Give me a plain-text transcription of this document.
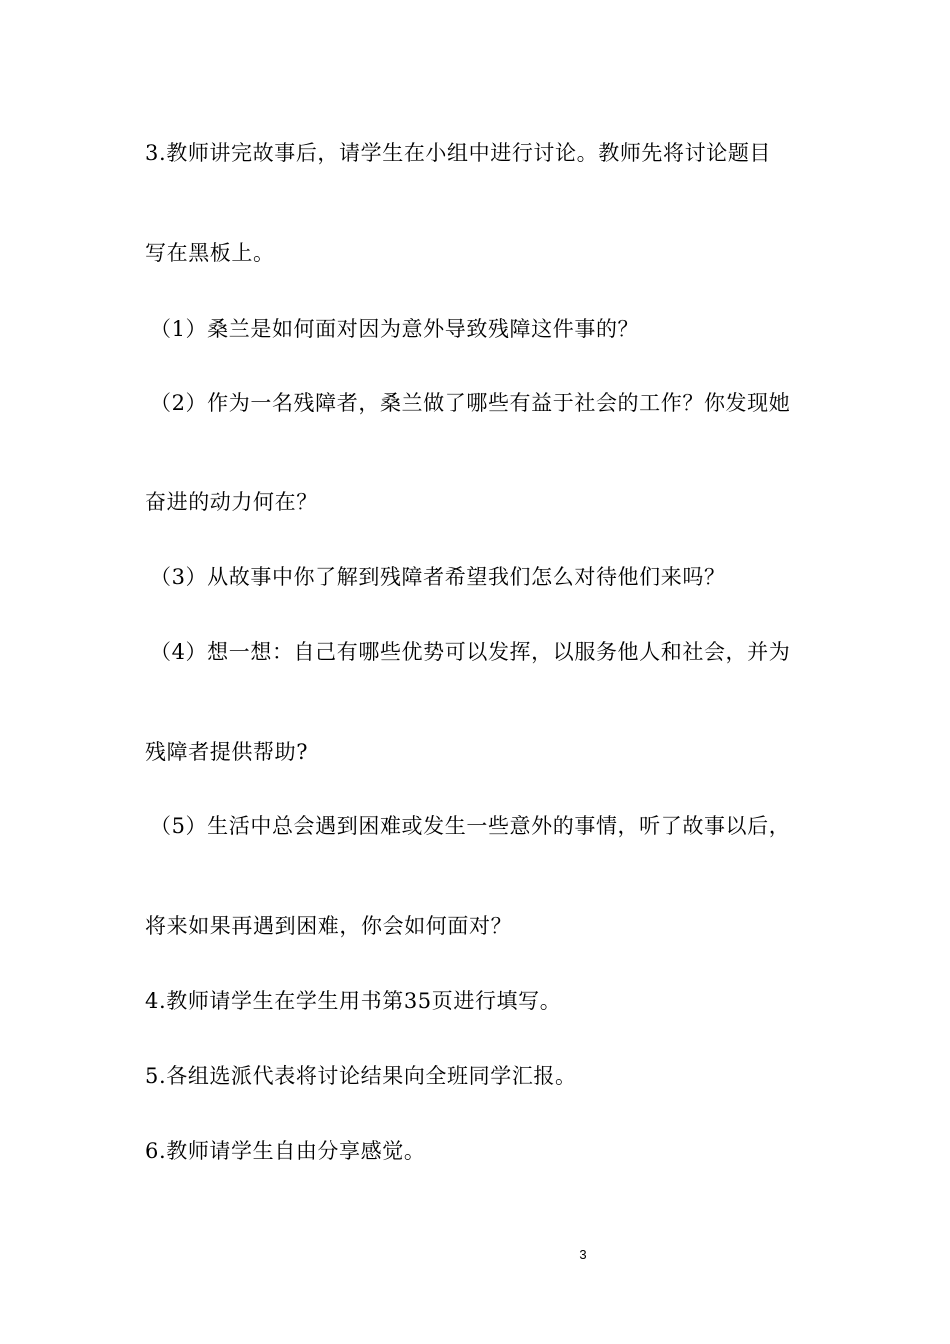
3.教师讲完故事后，请学生在小组中进行讨论。教师先将讨论题目
写在黑板上。
（1）桑兰是如何面对因为意外导致残障这件事的？
（2）作为一名残障者，桑兰做了哪些有益于社会的工作？你发现她
奋进的动力何在？
（3）从故事中你了解到残障者希望我们怎么对待他们来吗？
（4）想一想：自己有哪些优势可以发挥，以服务他人和社会，并为
残障者提供帮助?
（5）生活中总会遇到困难或发生一些意外的事情，听了故事以后，
将来如果再遇到困难，你会如何面对？
4.教师请学生在学生用书第35页进行填写。
5.各组选派代表将讨论结果向全班同学汇报。
6.教师请学生自由分享感觉。
3
